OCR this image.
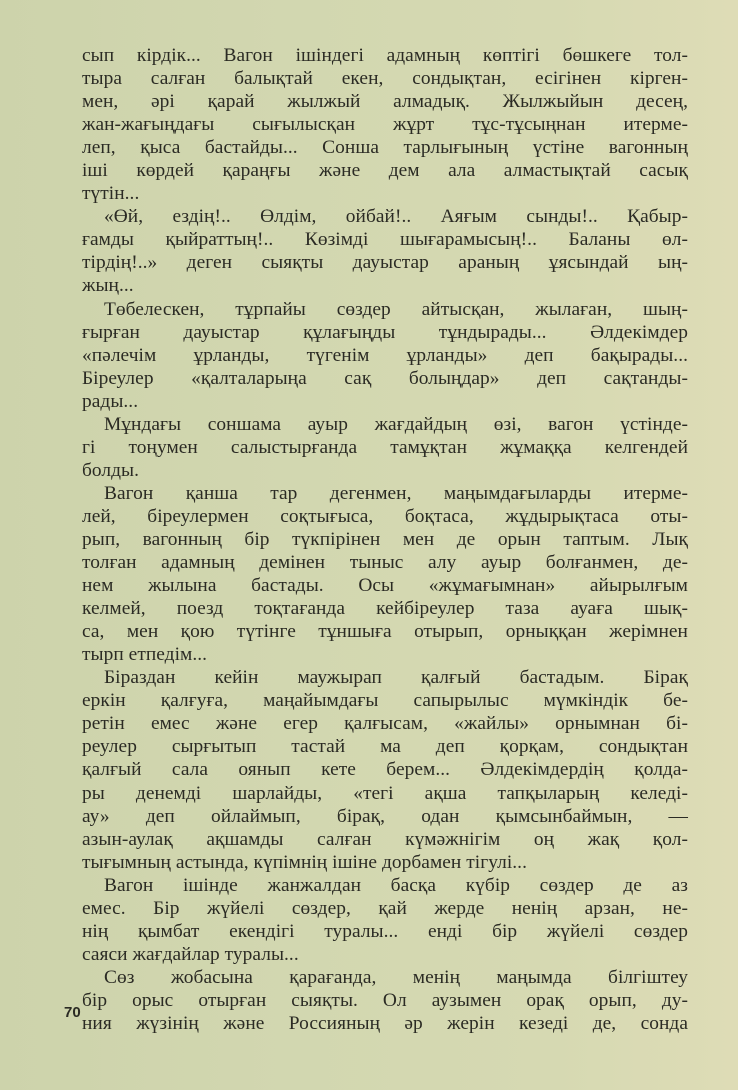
сып кірдік... Вагон ішіндегі адамның көптігі бөшкеге тол-
тыра салған балықтай екен, сондықтан, есігінен кірген-
мен, әрі қарай жылжый алмадық. Жылжыйын десең,
жан-жағыңдағы сығылысқан жұрт тұс-тұсыңнан итерме-
леп, қыса бастайды... Сонша тарлығының үстіне вагонның
іші көрдей қараңғы және дем ала алмастықтай сасық
түтін...
«Өй, ездің!.. Өлдім, ойбай!.. Аяғым сынды!.. Қабыр-
ғамды қыйраттың!.. Көзімді шығарамысың!.. Баланы өл-
тірдің!..» деген сыяқты дауыстар араның ұясындай ың-
жың...
Төбелескен, тұрпайы сөздер айтысқан, жылаған, шың-
ғырған дауыстар құлағыңды тұндырады... Әлдекімдер
«пәлечім ұрланды, түгенім ұрланды» деп бақырады...
Біреулер «қалталарыңа сақ болыңдар» деп сақтанды-
рады...
Мұндағы соншама ауыр жағдайдың өзі, вагон үстінде-
гі тоңумен салыстырғанда тамұқтан жұмаққа келгендей
болды.
Вагон қанша тар дегенмен, маңымдағыларды итерме-
лей, біреулермен соқтығыса, боқтаса, жұдырықтаса оты-
рып, вагонның бір түкпірінен мен де орын таптым. Лық
толған адамның демінен тыныс алу ауыр болғанмен, де-
нем жылына бастады. Осы «жұмағымнан» айырылғым
келмей, поезд тоқтағанда кейбіреулер таза ауаға шық-
са, мен қою түтінге тұншыға отырып, орныққан жерімнен
тырп етпедім...
Біраздан кейін маужырап қалғый бастадым. Бірақ
еркін қалғуға, маңайымдағы сапырылыс мүмкіндік бе-
ретін емес және егер қалғысам, «жайлы» орнымнан бі-
реулер сырғытып тастай ма деп қорқам, сондықтан
қалғый сала оянып кете берем... Әлдекімдердің қолда-
ры денемді шарлайды, «тегі ақша тапқыларың келеді-
ау» деп ойлаймып, бірақ, одан қымсынбаймын, —
азын-аулақ ақшамды салған күмәжнігім оң жақ қол-
тығымның астында, күпімнің ішіне дорбамен тігулі...
Вагон ішінде жанжалдан басқа күбір сөздер де аз
емес. Бір жүйелі сөздер, қай жерде ненің арзан, не-
нің қымбат екендігі туралы... енді бір жүйелі сөздер
саяси жағдайлар туралы...
Сөз жобасына қарағанда, менің маңымда білгіштеу
бір орыс отырған сыяқты. Ол аузымен орақ орып, ду-
ния жүзінің және Россияның әр жерін кезеді де, сонда
70
